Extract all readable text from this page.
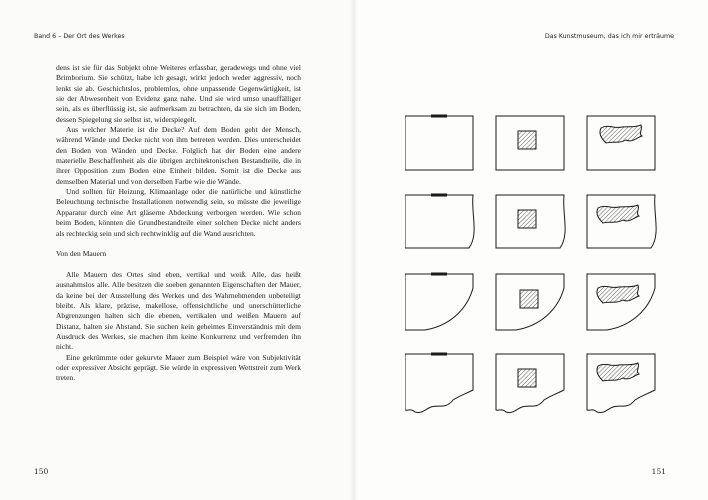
Band 6 – Der Ort des Werkes	Das Kunstmuseum, das ich mir erträume

dens ist sie für das Subjekt ohne Weiteres erfassbar, geradewegs und ohne viel Brimborium. Sie schützt, habe ich gesagt, wirkt jedoch weder aggressiv, noch lenkt sie ab. Geschichtslos, problemlos, ohne unpassende Gegenwärtigkeit, ist sie der Abwesenheit von Evidenz ganz nahe. Und sie wird umso unauffälliger sein, als es überflüssig ist, sie aufmerksam zu betrachten, da sie sich im Boden, dessen Spiegelung sie selbst ist, widerspiegelt.

Aus welcher Materie ist die Decke? Auf dem Boden geht der Mensch, während Wände und Decke nicht von ihm betreten werden. Dies unterscheidet den Boden von Wänden und Decke. Folglich hat der Boden eine andere materielle Beschaffenheit als die übrigen architektonischen Bestandteile, die in ihrer Opposition zum Boden eine Einheit bilden. Somit ist die Decke aus demselben Material und von derselben Farbe wie die Wände.

Und sollten für Heizung, Klimaanlage oder die natürliche und künstliche Beleuchtung technische Installationen notwendig sein, so müsste die jeweilige Apparatur durch eine Art gläserne Abdeckung verborgen werden. Wie schon beim Boden, könnten die Grundbestandteile einer solchen Decke nicht anders als rechteckig sein und sich rechtwinklig auf die Wand ausrichten.

Von den Mauern

Alle Mauern des Ortes sind eben, vertikal und weiß. Alle, das heißt ausnahmslos alle. Alle besitzen die soeben genannten Eigenschaften der Mauer, da keine bei der Ausstellung des Werkes und des Wahrnehmenden unbeteiligt bleibt. Als klare, präzise, makellose, offensichtliche und unerschütterliche Abgrenzungen halten sich die ebenen, vertikalen und weißen Mauern auf Distanz, halten sie Abstand. Sie suchen kein geheimes Einverständnis mit dem Ausdruck des Werkes, sie machen ihm keine Konkurrenz und verfremden ihn nicht.

Eine gekrümmte oder gekurvte Mauer zum Beispiel wäre von Subjektivität oder expressiver Absicht geprägt. Sie würde in expressiven Wettstreit zum Werk treten.

150	151
